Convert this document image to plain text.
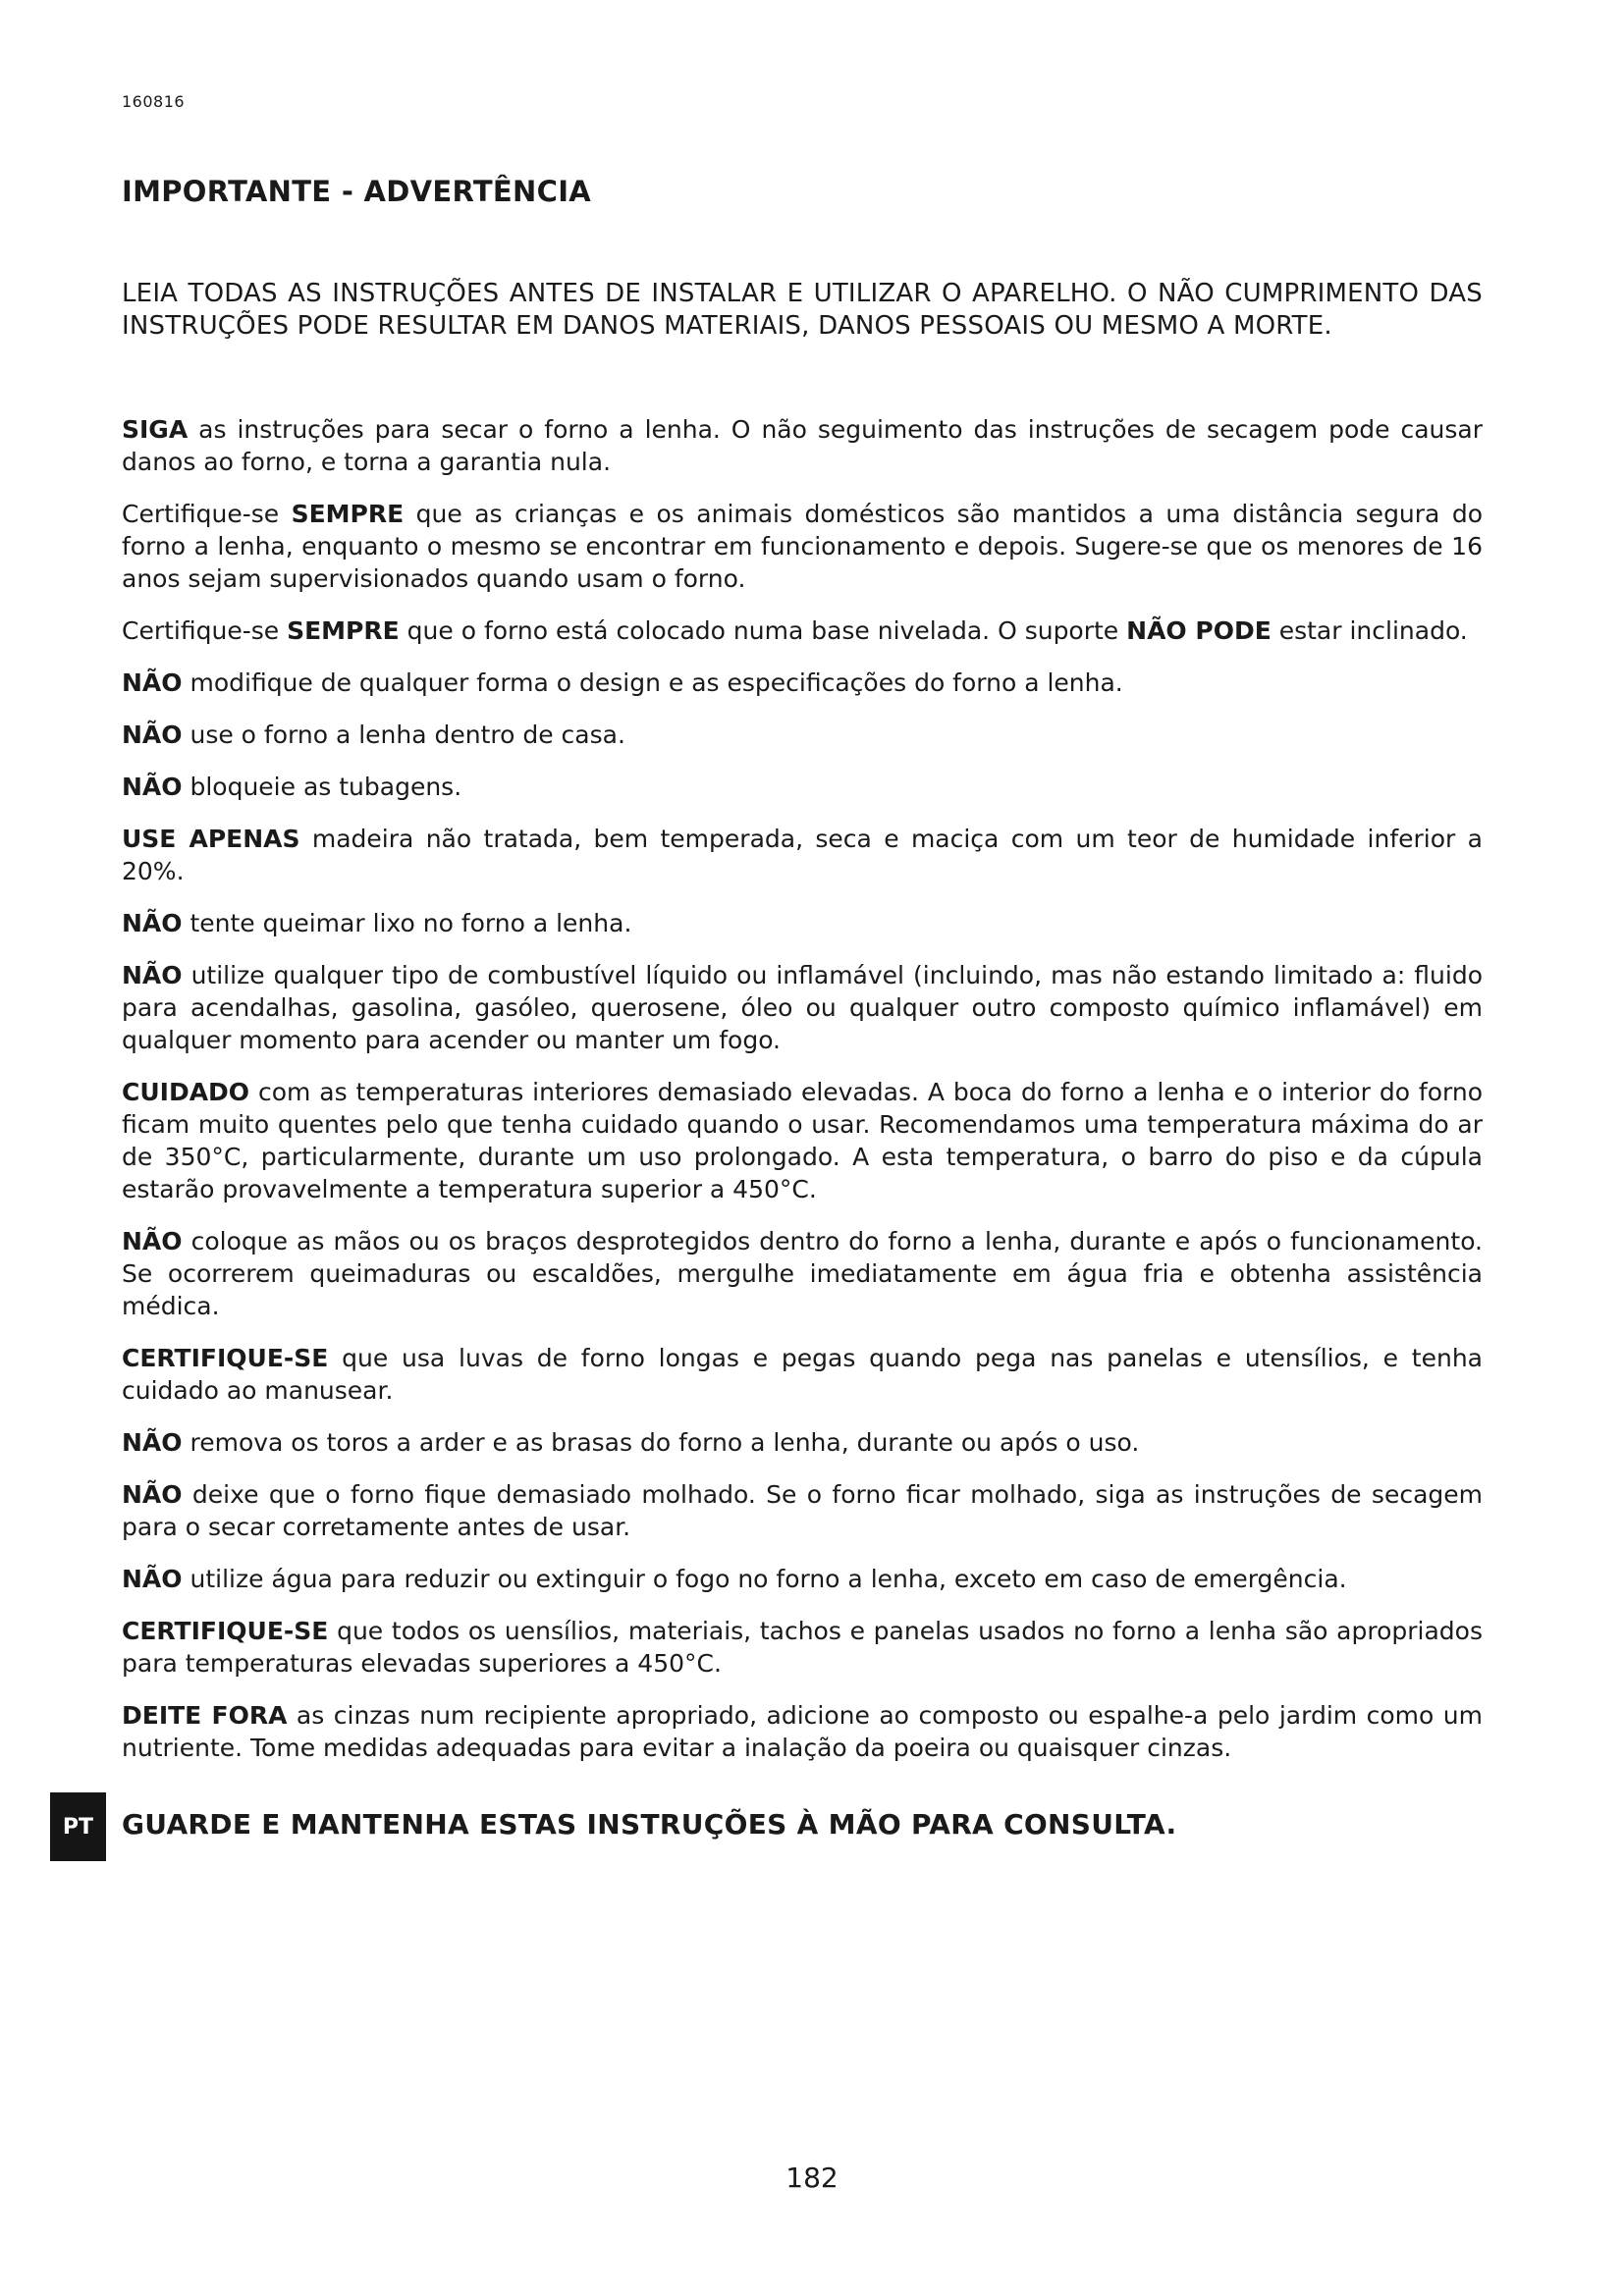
160816
IMPORTANTE - ADVERTÊNCIA
LEIA TODAS AS INSTRUÇÕES ANTES DE INSTALAR E UTILIZAR O APARELHO. O NÃO CUMPRIMENTO DAS INSTRUÇÕES PODE RESULTAR EM DANOS MATERIAIS, DANOS PESSOAIS OU MESMO A MORTE.

SIGA as instruções para secar o forno a lenha. O não seguimento das instruções de secagem pode causar danos ao forno, e torna a garantia nula.

Certifique-se SEMPRE que as crianças e os animais domésticos são mantidos a uma distância segura do forno a lenha, enquanto o mesmo se encontrar em funcionamento e depois. Sugere-se que os menores de 16 anos sejam supervisionados quando usam o forno.

Certifique-se SEMPRE que o forno está colocado numa base nivelada. O suporte NÃO PODE estar inclinado.

NÃO modifique de qualquer forma o design e as especificações do forno a lenha.

NÃO use o forno a lenha dentro de casa.

NÃO bloqueie as tubagens.

USE APENAS madeira não tratada, bem temperada, seca e maciça com um teor de humidade inferior a 20%.

NÃO tente queimar lixo no forno a lenha.

NÃO utilize qualquer tipo de combustível líquido ou inflamável (incluindo, mas não estando limitado a: fluido para acendalhas, gasolina, gasóleo, querosene, óleo ou qualquer outro composto químico inflamável) em qualquer momento para acender ou manter um fogo.

CUIDADO com as temperaturas interiores demasiado elevadas. A boca do forno a lenha e o interior do forno ficam muito quentes pelo que tenha cuidado quando o usar. Recomendamos uma temperatura máxima do ar de 350°C, particularmente, durante um uso prolongado. A esta temperatura, o barro do piso e da cúpula estarão provavelmente a temperatura superior a 450°C.

NÃO coloque as mãos ou os braços desprotegidos dentro do forno a lenha, durante e após o funcionamento. Se ocorrerem queimaduras ou escaldões, mergulhe imediatamente em água fria e obtenha assistência médica.

CERTIFIQUE-SE que usa luvas de forno longas e pegas quando pega nas panelas e utensílios, e tenha cuidado ao manusear.

NÃO remova os toros a arder e as brasas do forno a lenha, durante ou após o uso.

NÃO deixe que o forno fique demasiado molhado. Se o forno ficar molhado, siga as instruções de secagem para o secar corretamente antes de usar.

NÃO utilize água para reduzir ou extinguir o fogo no forno a lenha, exceto em caso de emergência.

CERTIFIQUE-SE que todos os uensílios, materiais, tachos e panelas usados no forno a lenha são apropriados para temperaturas elevadas superiores a 450°C.

DEITE FORA as cinzas num recipiente apropriado, adicione ao composto ou espalhe-a pelo jardim como um nutriente. Tome medidas adequadas para evitar a inalação da poeira ou quaisquer cinzas.

PT	GUARDE E MANTENHA ESTAS INSTRUÇÕES À MÃO PARA CONSULTA.
182
